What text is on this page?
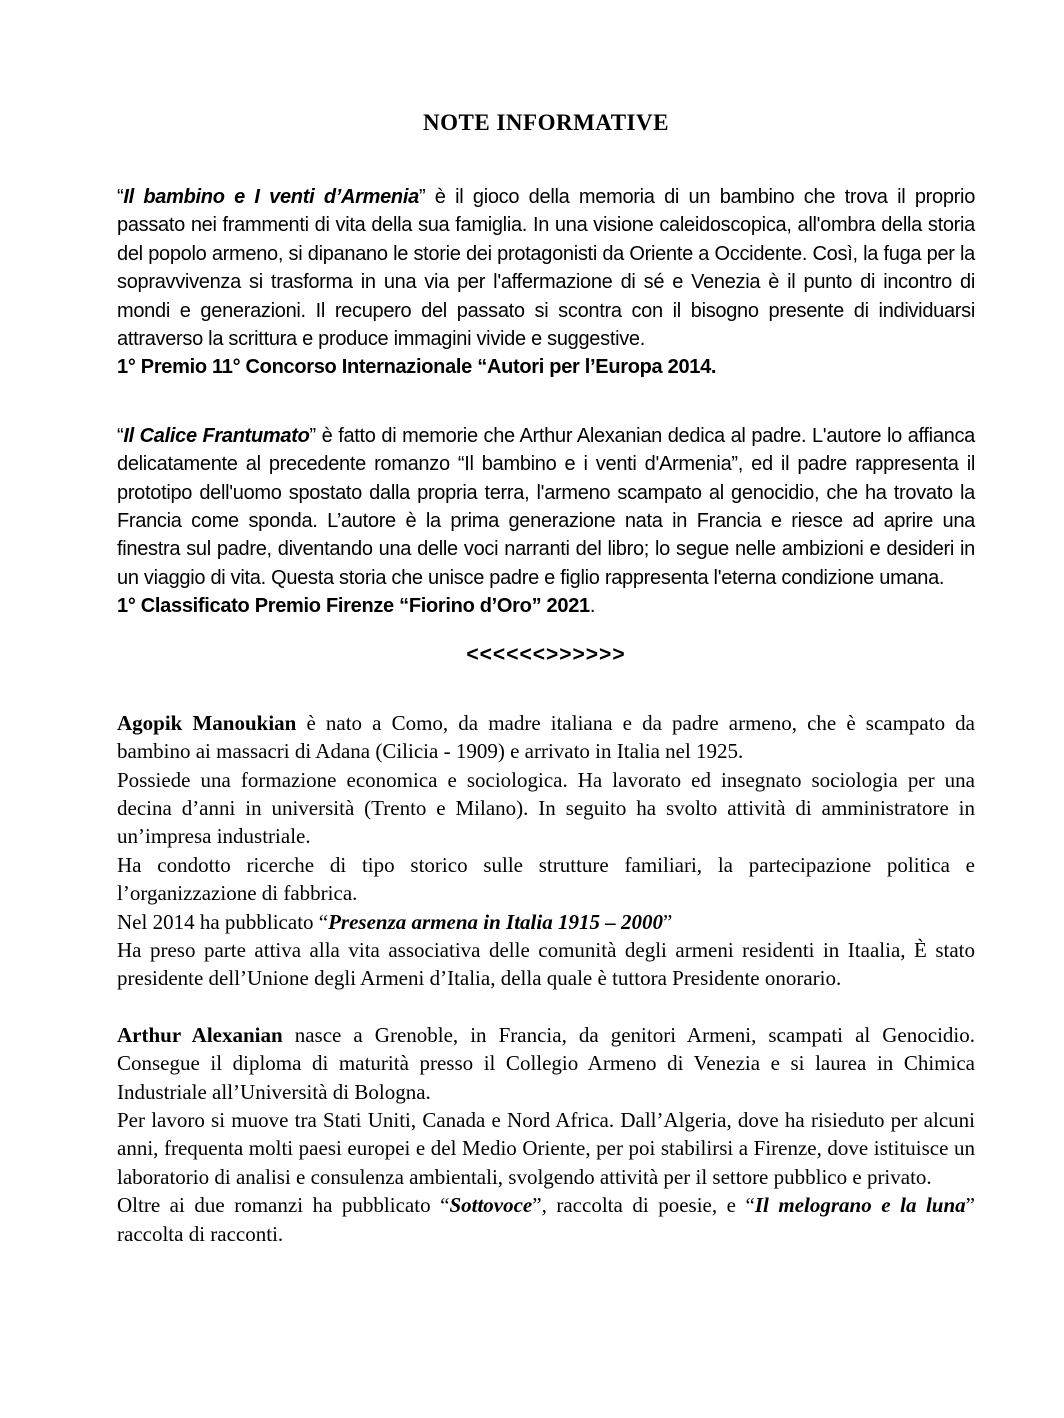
NOTE INFORMATIVE

“Il bambino e I venti d’Armenia” è il gioco della memoria di un bambino che trova il proprio passato nei frammenti di vita della sua famiglia. In una visione caleidoscopica, all'ombra della storia del popolo armeno, si dipanano le storie dei protagonisti da Oriente a Occidente. Così, la fuga per la sopravvivenza si trasforma in una via per l'affermazione di sé e Venezia è il punto di incontro di mondi e generazioni. Il recupero del passato si scontra con il bisogno presente di individuarsi attraverso la scrittura e produce immagini vivide e suggestive.

1° Premio 11° Concorso Internazionale “Autori per l’Europa 2014.

“Il Calice Frantumato” è fatto di memorie che Arthur Alexanian dedica al padre. L'autore lo affianca delicatamente al precedente romanzo “Il bambino e i venti d'Armenia”, ed il padre rappresenta il prototipo dell'uomo spostato dalla propria terra, l'armeno scampato al genocidio, che ha trovato la Francia come sponda. L’autore è la prima generazione nata in Francia e riesce ad aprire una finestra sul padre, diventando una delle voci narranti del libro; lo segue nelle ambizioni e desideri in un viaggio di vita. Questa storia che unisce padre e figlio rappresenta l'eterna condizione umana.

1° Classificato Premio Firenze “Fiorino d’Oro” 2021.

<<<<<<>>>>>>

Agopik Manoukian è nato a Como, da madre italiana e da padre armeno, che è scampato da bambino ai massacri di Adana (Cilicia - 1909) e arrivato in Italia nel 1925.

Possiede una formazione economica e sociologica. Ha lavorato ed insegnato sociologia per una decina d’anni in università (Trento e Milano). In seguito ha svolto attività di amministratore in un’impresa industriale.

Ha condotto ricerche di tipo storico sulle strutture familiari, la partecipazione politica e l’organizzazione di fabbrica.

Nel 2014 ha pubblicato “Presenza armena in Italia 1915 – 2000”

Ha preso parte attiva alla vita associativa delle comunità degli armeni residenti in Itaalia, È stato presidente dell’Unione degli Armeni d’Italia, della quale è tuttora Presidente onorario.

Arthur Alexanian nasce a Grenoble, in Francia, da genitori Armeni, scampati al Genocidio. Consegue il diploma di maturità presso il Collegio Armeno di Venezia e si laurea in Chimica Industriale all’Università di Bologna.

Per lavoro si muove tra Stati Uniti, Canada e Nord Africa. Dall’Algeria, dove ha risieduto per alcuni anni, frequenta molti paesi europei e del Medio Oriente, per poi stabilirsi a Firenze, dove istituisce un laboratorio di analisi e consulenza ambientali, svolgendo attività per il settore pubblico e privato.

Oltre ai due romanzi ha pubblicato “Sottovoce”, raccolta di poesie, e “Il melograno e la luna” raccolta di racconti.
